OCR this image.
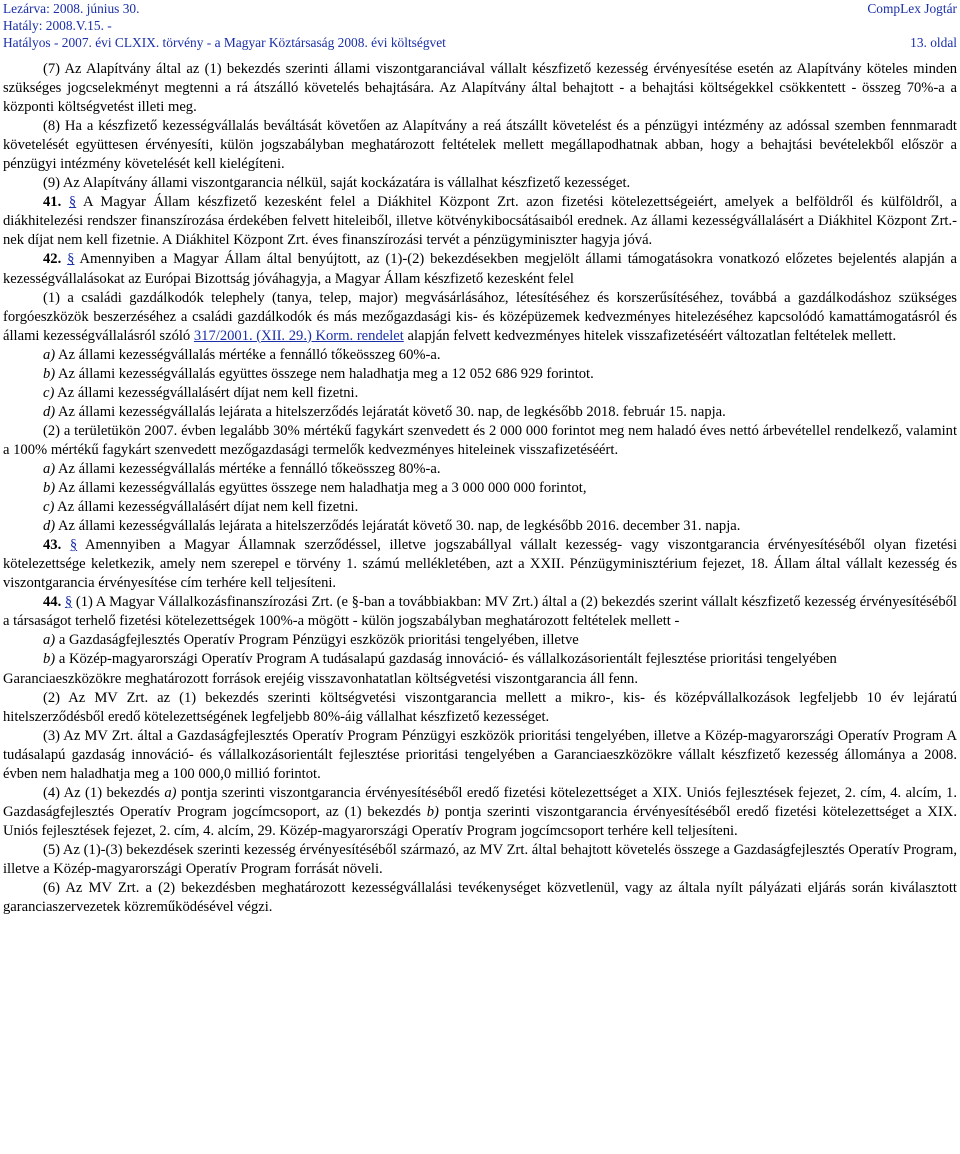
Lezárva: 2008. június 30.	CompLex Jogtár
Hatály: 2008.V.15. -
Hatályos - 2007. évi CLXIX. törvény - a Magyar Köztársaság 2008. évi költségvet	13. oldal

(7) Az Alapítvány által az (1) bekezdés szerinti állami viszontgaranciával vállalt készfizető kezesség érvényesítése esetén az Alapítvány köteles minden szükséges jogcselekményt megtenni a rá átszálló követelés behajtására. Az Alapítvány által behajtott - a behajtási költségekkel csökkentett - összeg 70%-a a központi költségvetést illeti meg.

(8) Ha a készfizető kezességvállalás beváltását követően az Alapítvány a reá átszállt követelést és a pénzügyi intézmény az adóssal szemben fennmaradt követelését együttesen érvényesíti, külön jogszabályban meghatározott feltételek mellett megállapodhatnak abban, hogy a behajtási bevételekből először a pénzügyi intézmény követelését kell kielégíteni.

(9) Az Alapítvány állami viszontgarancia nélkül, saját kockázatára is vállalhat készfizető kezességet.

41. § A Magyar Állam készfizető kezesként felel a Diákhitel Központ Zrt. azon fizetési kötelezettségeiért, amelyek a belföldről és külföldről, a diákhitelezési rendszer finanszírozása érdekében felvett hiteleiből, illetve kötvénykibocsátásaiból erednek. Az állami kezességvállalásért a Diákhitel Központ Zrt.-nek díjat nem kell fizetnie. A Diákhitel Központ Zrt. éves finanszírozási tervét a pénzügyminiszter hagyja jóvá.

42. § Amennyiben a Magyar Állam által benyújtott, az (1)-(2) bekezdésekben megjelölt állami támogatásokra vonatkozó előzetes bejelentés alapján a kezességvállalásokat az Európai Bizottság jóváhagyja, a Magyar Állam készfizető kezesként felel

(1) a családi gazdálkodók telephely (tanya, telep, major) megvásárlásához, létesítéséhez és korszerűsítéséhez, továbbá a gazdálkodáshoz szükséges forgóeszközök beszerzéséhez a családi gazdálkodók és más mezőgazdasági kis- és középüzemek kedvezményes hitelezéséhez kapcsolódó kamattámogatásról és állami kezességvállalásról szóló 317/2001. (XII. 29.) Korm. rendelet alapján felvett kedvezményes hitelek visszafizetéséért változatlan feltételek mellett.

a) Az állami kezességvállalás mértéke a fennálló tőkeösszeg 60%-a.

b) Az állami kezességvállalás együttes összege nem haladhatja meg a 12 052 686 929 forintot.

c) Az állami kezességvállalásért díjat nem kell fizetni.

d) Az állami kezességvállalás lejárata a hitelszerződés lejáratát követő 30. nap, de legkésőbb 2018. február 15. napja.

(2) a területükön 2007. évben legalább 30% mértékű fagykárt szenvedett és 2 000 000 forintot meg nem haladó éves nettó árbevétellel rendelkező, valamint a 100% mértékű fagykárt szenvedett mezőgazdasági termelők kedvezményes hiteleinek visszafizetéséért.

a) Az állami kezességvállalás mértéke a fennálló tőkeösszeg 80%-a.

b) Az állami kezességvállalás együttes összege nem haladhatja meg a 3 000 000 000 forintot,

c) Az állami kezességvállalásért díjat nem kell fizetni.

d) Az állami kezességvállalás lejárata a hitelszerződés lejáratát követő 30. nap, de legkésőbb 2016. december 31. napja.

43. § Amennyiben a Magyar Államnak szerződéssel, illetve jogszabállyal vállalt kezesség- vagy viszontgarancia érvényesítéséből olyan fizetési kötelezettsége keletkezik, amely nem szerepel e törvény 1. számú mellékletében, azt a XXII. Pénzügyminisztérium fejezet, 18. Állam által vállalt kezesség és viszontgarancia érvényesítése cím terhére kell teljesíteni.

44. § (1) A Magyar Vállalkozásfinanszírozási Zrt. (e §-ban a továbbiakban: MV Zrt.) által a (2) bekezdés szerint vállalt készfizető kezesség érvényesítéséből a társaságot terhelő fizetési kötelezettségek 100%-a mögött - külön jogszabályban meghatározott feltételek mellett -

a) a Gazdaságfejlesztés Operatív Program Pénzügyi eszközök prioritási tengelyében, illetve

b) a Közép-magyarországi Operatív Program A tudásalapú gazdaság innováció- és vállalkozásorientált fejlesztése prioritási tengelyében

Garanciaeszközökre meghatározott források erejéig visszavonhatatlan költségvetési viszontgarancia áll fenn.

(2) Az MV Zrt. az (1) bekezdés szerinti költségvetési viszontgarancia mellett a mikro-, kis- és középvállalkozások legfeljebb 10 év lejáratú hitelszerződésből eredő kötelezettségének legfeljebb 80%-áig vállalhat készfizető kezességet.

(3) Az MV Zrt. által a Gazdaságfejlesztés Operatív Program Pénzügyi eszközök prioritási tengelyében, illetve a Közép-magyarországi Operatív Program A tudásalapú gazdaság innováció- és vállalkozásorientált fejlesztése prioritási tengelyében a Garanciaeszközökre vállalt készfizető kezesség állománya a 2008. évben nem haladhatja meg a 100 000,0 millió forintot.

(4) Az (1) bekezdés a) pontja szerinti viszontgarancia érvényesítéséből eredő fizetési kötelezettséget a XIX. Uniós fejlesztések fejezet, 2. cím, 4. alcím, 1. Gazdaságfejlesztés Operatív Program jogcímcsoport, az (1) bekezdés b) pontja szerinti viszontgarancia érvényesítéséből eredő fizetési kötelezettséget a XIX. Uniós fejlesztések fejezet, 2. cím, 4. alcím, 29. Közép-magyarországi Operatív Program jogcímcsoport terhére kell teljesíteni.

(5) Az (1)-(3) bekezdések szerinti kezesség érvényesítéséből származó, az MV Zrt. által behajtott követelés összege a Gazdaságfejlesztés Operatív Program, illetve a Közép-magyarországi Operatív Program forrását növeli.

(6) Az MV Zrt. a (2) bekezdésben meghatározott kezességvállalási tevékenységet közvetlenül, vagy az általa nyílt pályázati eljárás során kiválasztott garanciaszervezetek közreműködésével végzi.
